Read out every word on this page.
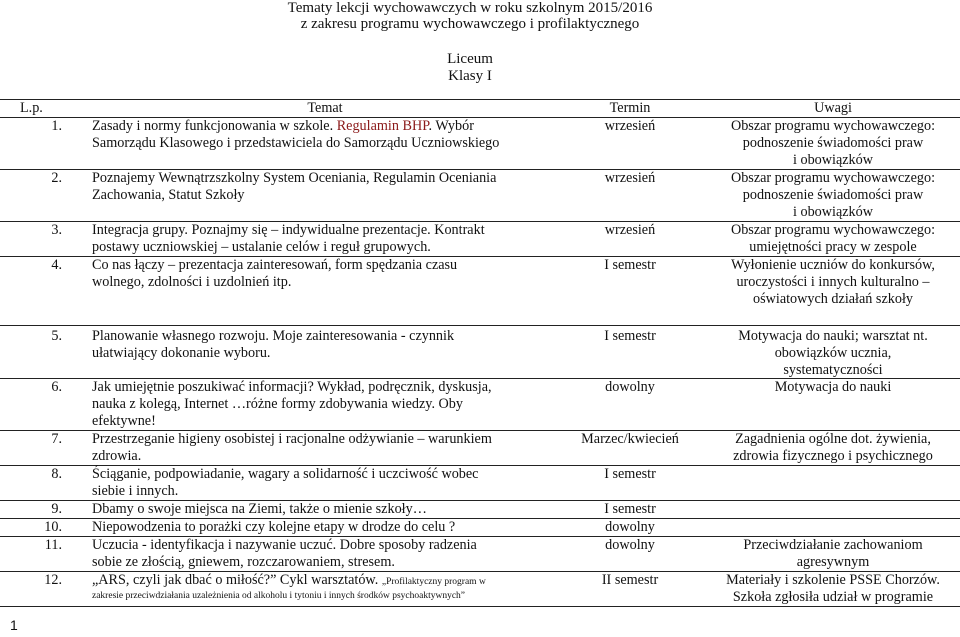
Tematy lekcji wychowawczych w roku szkolnym 2015/2016
z zakresu programu wychowawczego i profilaktycznego
Liceum
Klasy I
L.p.	Temat	Termin	Uwagi
1. Zasady i normy funkcjonowania w szkole. Regulamin BHP. Wybór
Samorządu Klasowego i przedstawiciela do Samorządu Uczniowskiego
wrzesień	Obszar programu wychowawczego:
podnoszenie świadomości praw
i obowiązków
2. Poznajemy Wewnątrzszkolny System Oceniania, Regulamin Oceniania
Zachowania, Statut Szkoły
wrzesień	Obszar programu wychowawczego:
podnoszenie świadomości praw
i obowiązków
3. Integracja grupy. Poznajmy się – indywidualne prezentacje. Kontrakt
postawy uczniowskiej – ustalanie celów i reguł grupowych.
wrzesień	Obszar programu wychowawczego:
umiejętności pracy w zespole
4. Co nas łączy – prezentacja zainteresowań, form spędzania czasu
wolnego, zdolności i uzdolnień itp.
I semestr	Wyłonienie uczniów do konkursów,
uroczystości i innych kulturalno –
oświatowych działań szkoły
5. Planowanie własnego rozwoju. Moje zainteresowania - czynnik
ułatwiający dokonanie wyboru.
I semestr	Motywacja do nauki; warsztat nt.
obowiązków ucznia,
systematyczności
6. Jak umiejętnie poszukiwać informacji? Wykład, podręcznik, dyskusja,
nauka z kolegą, Internet …różne formy zdobywania wiedzy. Oby
efektywne!
dowolny	Motywacja do nauki
7. Przestrzeganie higieny osobistej i racjonalne odżywianie – warunkiem
zdrowia.
Marzec/kwiecień	Zagadnienia ogólne dot. żywienia,
zdrowia fizycznego i psychicznego
8. Ściąganie, podpowiadanie, wagary a solidarność i uczciwość wobec
siebie i innych.
I semestr
9. Dbamy o swoje miejsca na Ziemi, także o mienie szkoły…	I semestr
10. Niepowodzenia to porażki czy kolejne etapy w drodze do celu ?	dowolny
11. Uczucia - identyfikacja i nazywanie uczuć. Dobre sposoby radzenia
sobie ze złością, gniewem, rozczarowaniem, stresem.
dowolny	Przeciwdziałanie zachowaniom
agresywnym
12. „ARS, czyli jak dbać o miłość?” Cykl warsztatów. „Profilaktyczny program w
zakresie przeciwdziałania uzależnienia od alkoholu i tytoniu i innych środków psychoaktywnych”
II semestr	Materiały i szkolenie PSSE Chorzów.
Szkoła zgłosiła udział w programie
1
